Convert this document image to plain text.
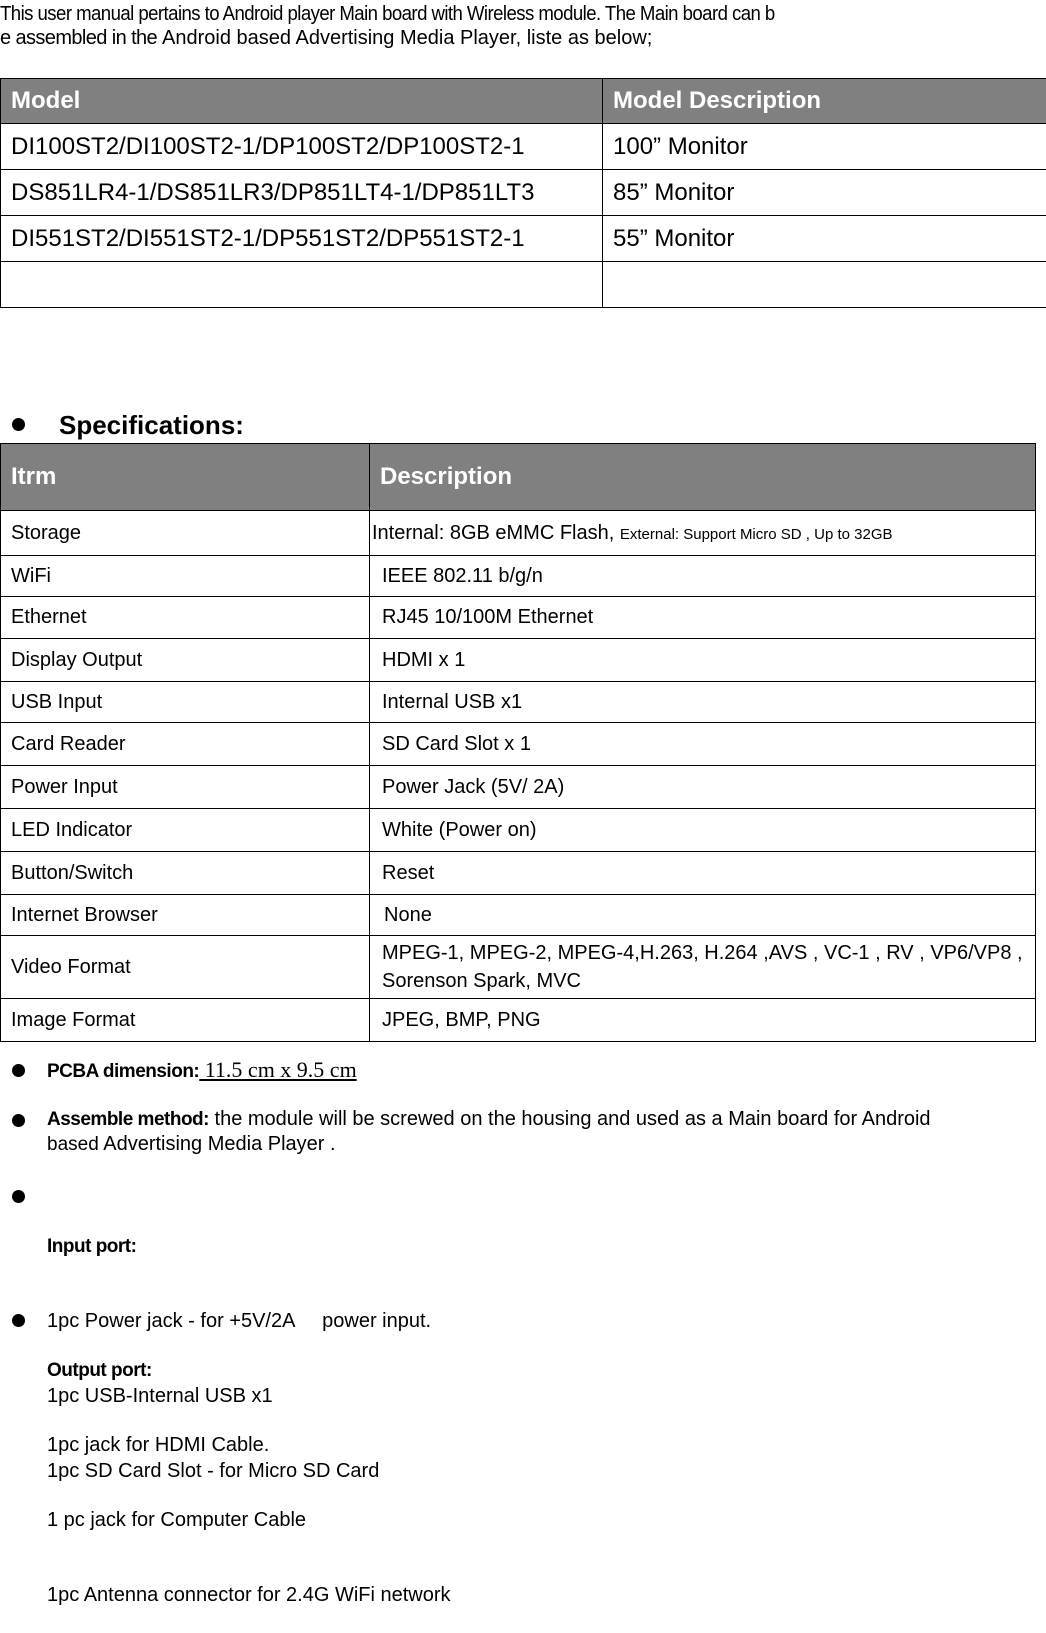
This user manual pertains to Android player Main board with Wireless module. The Main board can b
e assembled in the Android based Advertising Media Player, liste as below;
Model	Model Description
DI100ST2/DI100ST2-1/DP100ST2/DP100ST2-1	100” Monitor
DS851LR4-1/DS851LR3/DP851LT4-1/DP851LT3	85” Monitor
DI551ST2/DI551ST2-1/DP551ST2/DP551ST2-1	55” Monitor

Specifications:
Itrm	Description
Storage	Internal: 8GB eMMC Flash, External: Support Micro SD , Up to 32GB
WiFi	IEEE 802.11 b/g/n
Ethernet	RJ45 10/100M Ethernet
Display Output	HDMI x 1
USB Input	Internal USB x1
Card Reader	SD Card Slot x 1
Power Input	Power Jack (5V/ 2A)
LED Indicator	White (Power on)
Button/Switch	Reset
Internet Browser	None
Video Format	MPEG-1, MPEG-2, MPEG-4,H.263, H.264 ,AVS , VC-1 , RV , VP6/VP8 , Sorenson Spark, MVC
Image Format	JPEG, BMP, PNG
PCBA dimension: 11.5 cm x 9.5 cm
Assemble method: the module will be screwed on the housing and used as a Main board for Android
based Advertising Media Player .

Input port:

1pc Power jack - for +5V/2A     power input.

1pc USB-Internal USB x1

1pc SD Card Slot - for Micro SD Card

Output port:

1pc jack for HDMI Cable.

1 pc jack for Computer Cable

1pc Antenna connector for 2.4G WiFi network
